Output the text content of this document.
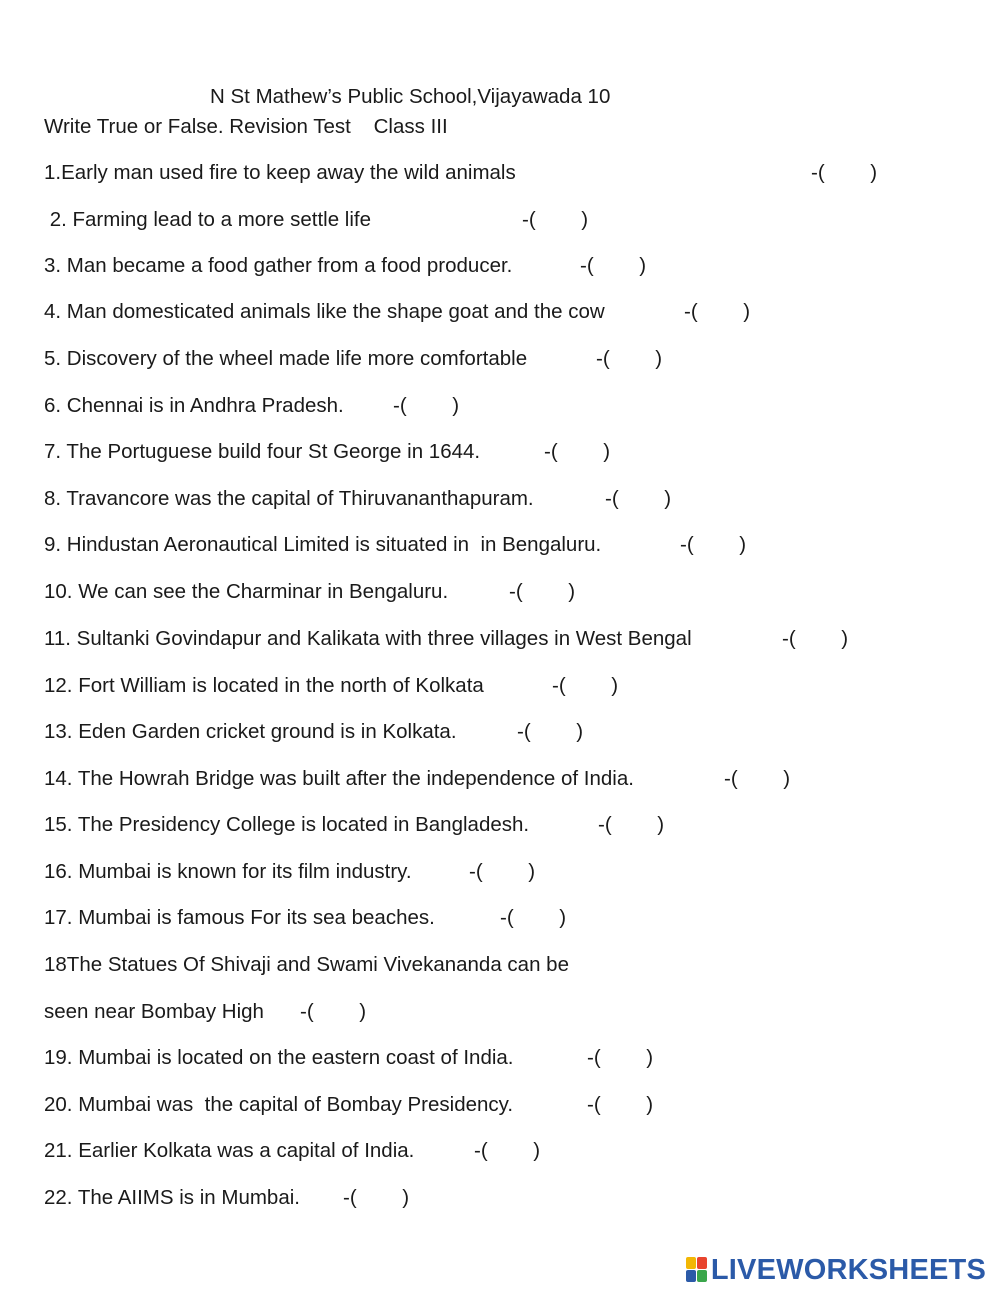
N St Mathew’s Public School,Vijayawada 10
Write True or False. Revision Test    Class III
1.Early man used fire to keep away the wild animals	-(        )
2. Farming lead to a more settle life	-(        )
3. Man became a food gather from a food producer.	-(        )
4. Man domesticated animals like the shape goat and the cow	-(        )
5. Discovery of the wheel made life more comfortable	-(        )
6. Chennai is in Andhra Pradesh. -(        )
7. The Portuguese build four St George in 1644.	-(        )
8. Travancore was the capital of Thiruvananthapuram.	-(        )
9. Hindustan Aeronautical Limited is situated in  in Bengaluru.	-(        )
10. We can see the Charminar in Bengaluru.	-(        )
11. Sultanki Govindapur and Kalikata with three villages in West Bengal	-(        )
12. Fort William is located in the north of Kolkata	-(        )
13. Eden Garden cricket ground is in Kolkata.	-(        )
14. The Howrah Bridge was built after the independence of India.	-(        )
15. The Presidency College is located in Bangladesh.	-(        )
16. Mumbai is known for its film industry.	-(        )
17. Mumbai is famous For its sea beaches.	-(        )
18The Statues Of Shivaji and Swami Vivekananda can be
seen near Bombay High -(        )
19. Mumbai is located on the eastern coast of India.	-(        )
20. Mumbai was  the capital of Bombay Presidency.	-(        )
21. Earlier Kolkata was a capital of India.	-(        )
22. The AIIMS is in Mumbai. -(        )
LIVEWORKSHEETS
